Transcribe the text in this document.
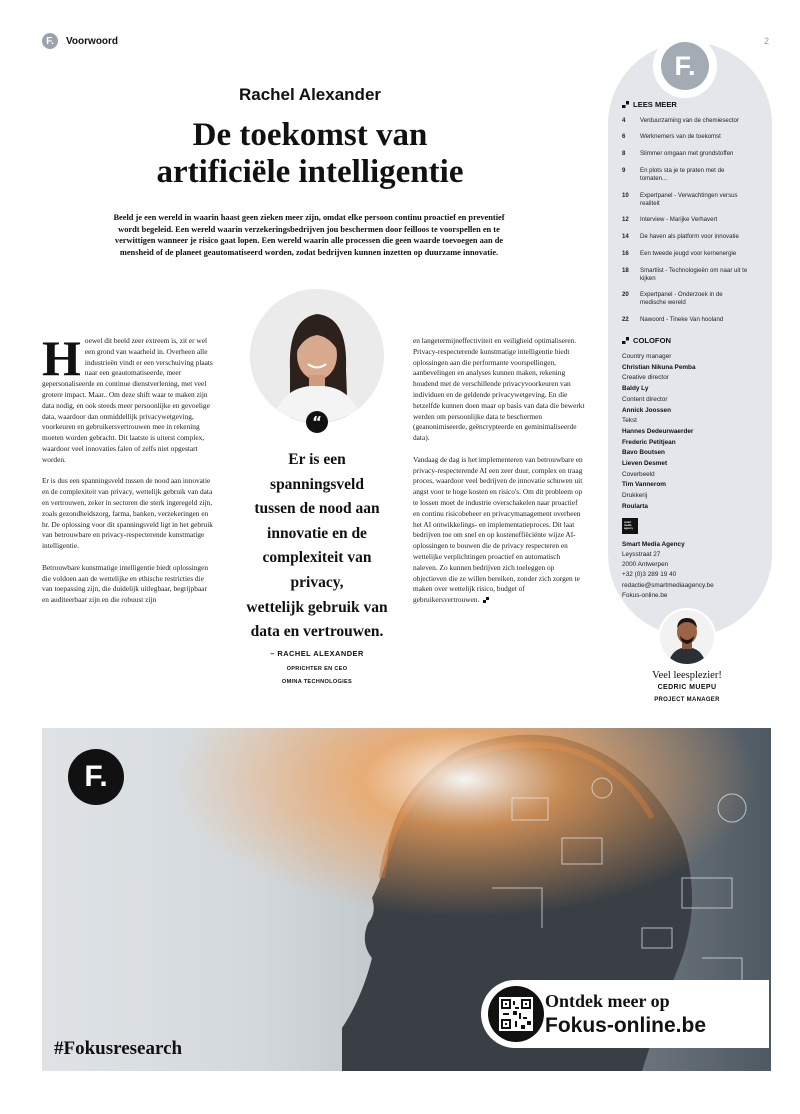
F.	Voorwoord	2
Rachel Alexander
De toekomst van
artificiële intelligentie
Beeld je een wereld in waarin haast geen zieken meer zijn, omdat elke persoon continu proactief en preventief wordt begeleid. Een wereld waarin verzekeringsbedrijven jou beschermen door feilloos te voorspellen en te verwittigen wanneer je risico gaat lopen. Een wereld waarin alle processen die geen waarde toevoegen aan de mensheid of de planeet geautomatiseerd worden, zodat bedrijven kunnen inzetten op duurzame innovatie.
“
Er is een
spanningsveld
tussen de nood aan
innovatie en de
complexiteit van
privacy,
wettelijk gebruik van
data en vertrouwen.
– RACHEL ALEXANDER
OPRICHTER EN CEO
OMINA TECHNOLOGIES

Hoewel dit beeld zeer extreem is, zit er wel een grond van waarheid in. Overheen alle industrieën vindt er een verschuiving plaats naar een geautomatiseerde, meer gepersonaliseerde en continue dienstverlening, met veel grotere impact. Maar.. Om deze shift waar te maken zijn data nodig, en ook steeds meer persoonlijke en gevoelige data, waardoor dan onmiddellijk privacywetgeving, voorkeuren en gebruikersvertrouwen mee in rekening moeten worden gebracht. Dit laatste is uiterst complex, waardoor veel innovaties falen of zelfs niet opgestart worden.

Er is dus een spanningsveld tussen de nood aan innovatie en de complexiteit van privacy, wettelijk gebruik van data en vertrouwen, zeker in sectoren die sterk ingeregeld zijn, zoals gezondheidszorg, farma, banken, verzekeringen en hr. De oplossing voor dit spanningsveld ligt in het gebruik van betrouwbare en privacy-respecterende kunstmatige intelligentie.

Betrouwbare kunstmatige intelligentie biedt oplossingen die voldoen aan de wettelijke en ethische restricties die van toepassing zijn, die duidelijk uitlegbaar, begrijpbaar en auditeerbaar zijn en die robuust zijn

en langetermijneffectiviteit en veiligheid optimaliseren. Privacy-respecterende kunstmatige intelligentie biedt oplossingen aan die performante voorspellingen, aanbevelingen en analyses kunnen maken, rekening houdend met de verschillende privacyvoorkeuren van individuen en de geldende privacywetgeving. En die hetzelfde kunnen doen maar op basis van data die bewerkt werden om persoonlijke data te beschermen (geanonimiseerde, geëncrypteerde en geminimaliseerde data).

Vandaag de dag is het implementeren van betrouwbare en privacy-respecterende AI een zeer duur, complex en traag proces, waardoor veel bedrijven de innovatie schuwen uit angst voor te hoge kosten en risico's. Om dit probleem op te lossen moet de industrie overschakelen naar proactief en continu risicobeheer en privacymanagement overheen het AI ontwikkelings- en implementatieproces. Dit laat bedrijven toe om snel en op kosteneffiëciënte wijze AI-oplossingen te bouwen die de privacy respecteren en wettelijke verplichtingen proactief en automatisch naleven. Zo kunnen bedrijven zich toeleggen op objectieven die ze willen bereiken, zonder zich zorgen te maken over wettelijk risico, budget of gebruikersvertrouwen.

F.
LEES MEER
4	Verduurzaming van de chemiesector
6	Werknemers van de toekomst
8	Slimmer omgaan met grondstoffen
9	En plots sta je te praten met de tomaten...
10	Expertpanel - Verwachtingen versus realiteit
12	Interview - Marijke Verhavert
14	De haven als platform voor innovatie
16	Een tweede jeugd voor kernenergie
18	Smartlist - Technologieën om naar uit te kijken
20	Expertpanel - Onderzoek in de medische wereld
22	Nawoord - Tineke Van hooland
COLOFON
Country manager
Christian Nikuna Pemba
Creative director
Baldy Ly
Content director
Annick Joossen
Tekst
Hannes Dedeurwaerder
Frederic Petitjean
Bavo Boutsen
Lieven Desmet
Coverbeeld
Tim Vannerom
Drukkerij
Roularta
smart
media
agency
Smart Media Agency
Leysstraat 27
2000 Antwerpen
+32 (0)3 289 19 40
redactie@smartmediaagency.be
Fokus-online.be
Veel leesplezier!
CEDRIC MUEPU
PROJECT MANAGER
F.
#Fokusresearch
Ontdek meer op
Fokus-online.be
